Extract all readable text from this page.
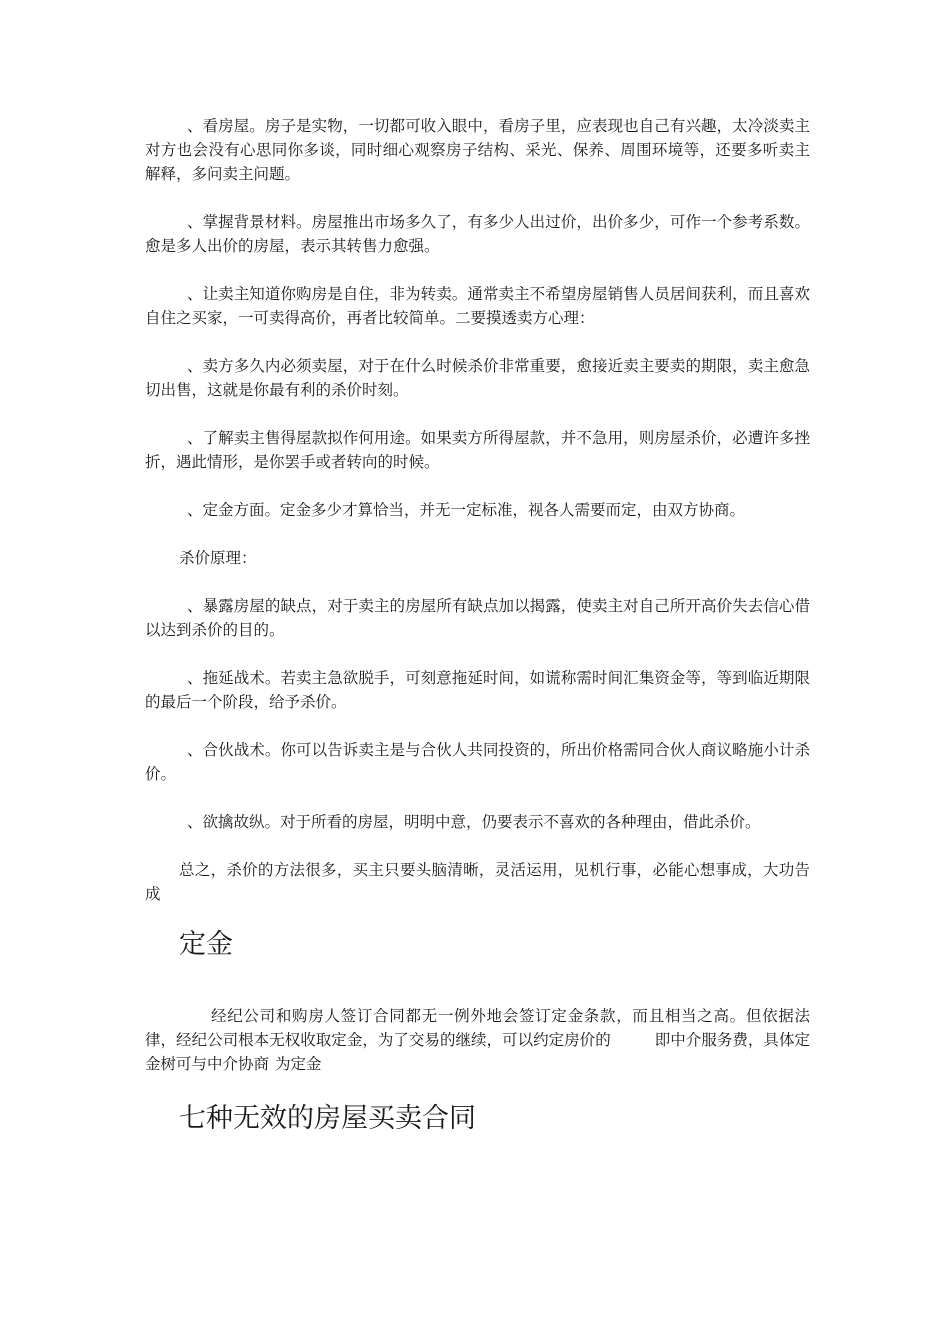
、看房屋。房子是实物，一切都可收入眼中，看房子里，应表现也自己有兴趣，太冷淡卖主对方也会没有心思同你多谈，同时细心观察房子结构、采光、保养、周围环境等，还要多听卖主解释，多问卖主问题。

、掌握背景材料。房屋推出市场多久了，有多少人出过价，出价多少，可作一个参考系数。愈是多人出价的房屋，表示其转售力愈强。

、让卖主知道你购房是自住，非为转卖。通常卖主不希望房屋销售人员居间获利，而且喜欢自住之买家，一可卖得高价，再者比较简单。二要摸透卖方心理：

、卖方多久内必须卖屋，对于在什么时候杀价非常重要，愈接近卖主要卖的期限，卖主愈急切出售，这就是你最有利的杀价时刻。

、了解卖主售得屋款拟作何用途。如果卖方所得屋款，并不急用，则房屋杀价，必遭许多挫折，遇此情形，是你罢手或者转向的时候。

、定金方面。定金多少才算恰当，并无一定标准，视各人需要而定，由双方协商。

杀价原理：

、暴露房屋的缺点，对于卖主的房屋所有缺点加以揭露，使卖主对自己所开高价失去信心借以达到杀价的目的。

、拖延战术。若卖主急欲脱手，可刻意拖延时间，如谎称需时间汇集资金等，等到临近期限的最后一个阶段，给予杀价。

、合伙战术。你可以告诉卖主是与合伙人共同投资的，所出价格需同合伙人商议略施小计杀价。

、欲擒故纵。对于所看的房屋，明明中意，仍要表示不喜欢的各种理由，借此杀价。

总之，杀价的方法很多，买主只要头脑清晰，灵活运用，见机行事，必能心想事成，大功告成

定金

经纪公司和购房人签订合同都无一例外地会签订定金条款，而且相当之高。但依据法律，经纪公司根本无权收取定金，为了交易的继续，可以约定房价的	即中介服务费，具体定金树可与中介协商 为定金

七种无效的房屋买卖合同
